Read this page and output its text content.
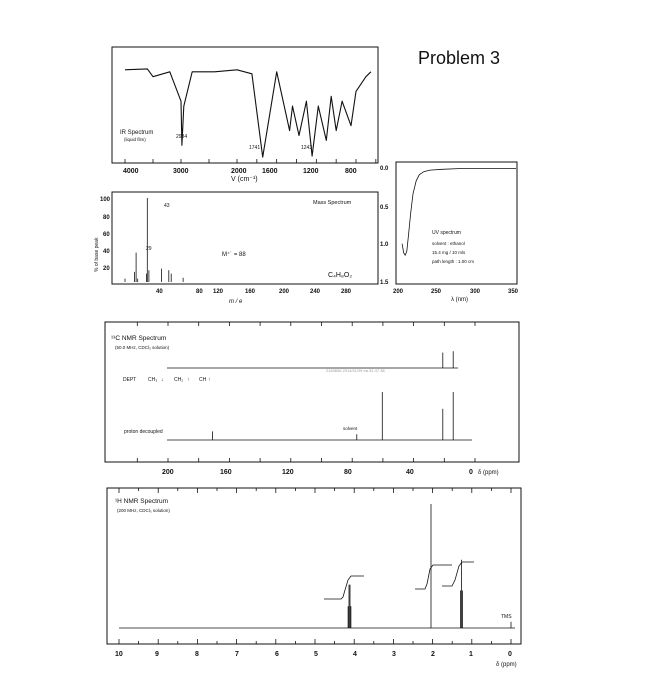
Problem 3
IR Spectrum
(liquid film)	2984
1741	1243
4000	3000	2000 1600	1200	800
V (cm⁻¹)
Mass Spectrum
% of base peak
100
80
60
40
20
43
29
M⁺˙ = 88
C₄H₈O₂
40	80 120	160	200	240	280
m / e
0.0
0.5
1.0
1.5
UV spectrum
solvent : ethanol
15.4 mg / 10 mls
path length : 1.00 cm
200	250	300	350
λ (nm)
¹³C NMR Spectrum
(50.0 MHz, CDCl₃ solution)
2163656 2014/11/29 ea.31.47.38
DEPT CH₃ ↓ CH₂ ↑ CH ↑
proton decoupled
solvent
200	160	120	80	40	0 δ (ppm)
¹H NMR Spectrum
(200 MHz, CDCl₃ solution)
TMS
10	9	8	7	6	5	4	3	2	1	0
δ (ppm)
